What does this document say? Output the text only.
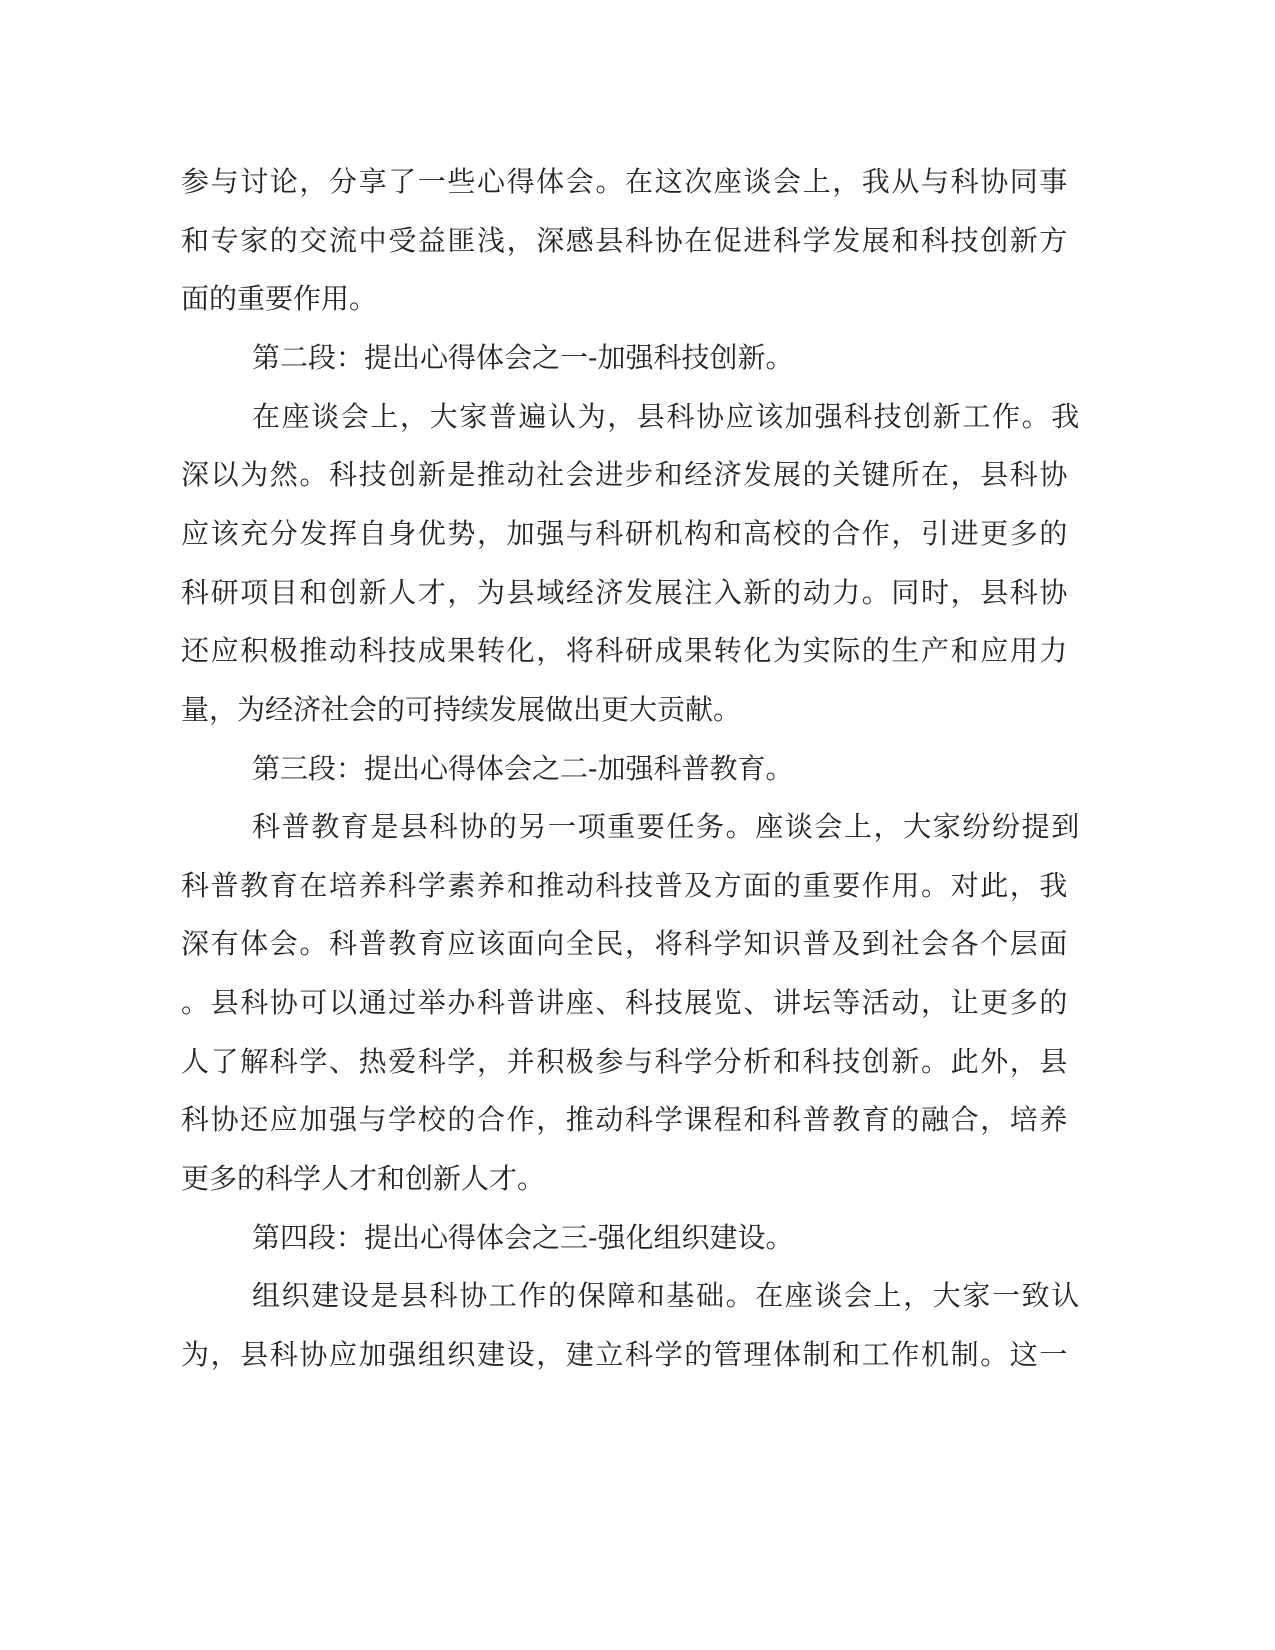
参与讨论，分享了一些心得体会。在这次座谈会上，我从与科协同事
和专家的交流中受益匪浅，深感县科协在促进科学发展和科技创新方
面的重要作用。
第二段：提出心得体会之一-加强科技创新。
在座谈会上，大家普遍认为，县科协应该加强科技创新工作。我
深以为然。科技创新是推动社会进步和经济发展的关键所在，县科协
应该充分发挥自身优势，加强与科研机构和高校的合作，引进更多的
科研项目和创新人才，为县域经济发展注入新的动力。同时，县科协
还应积极推动科技成果转化，将科研成果转化为实际的生产和应用力
量，为经济社会的可持续发展做出更大贡献。
第三段：提出心得体会之二-加强科普教育。
科普教育是县科协的另一项重要任务。座谈会上，大家纷纷提到
科普教育在培养科学素养和推动科技普及方面的重要作用。对此，我
深有体会。科普教育应该面向全民，将科学知识普及到社会各个层面
。县科协可以通过举办科普讲座、科技展览、讲坛等活动，让更多的
人了解科学、热爱科学，并积极参与科学分析和科技创新。此外，县
科协还应加强与学校的合作，推动科学课程和科普教育的融合，培养
更多的科学人才和创新人才。
第四段：提出心得体会之三-强化组织建设。
组织建设是县科协工作的保障和基础。在座谈会上，大家一致认
为，县科协应加强组织建设，建立科学的管理体制和工作机制。这一
